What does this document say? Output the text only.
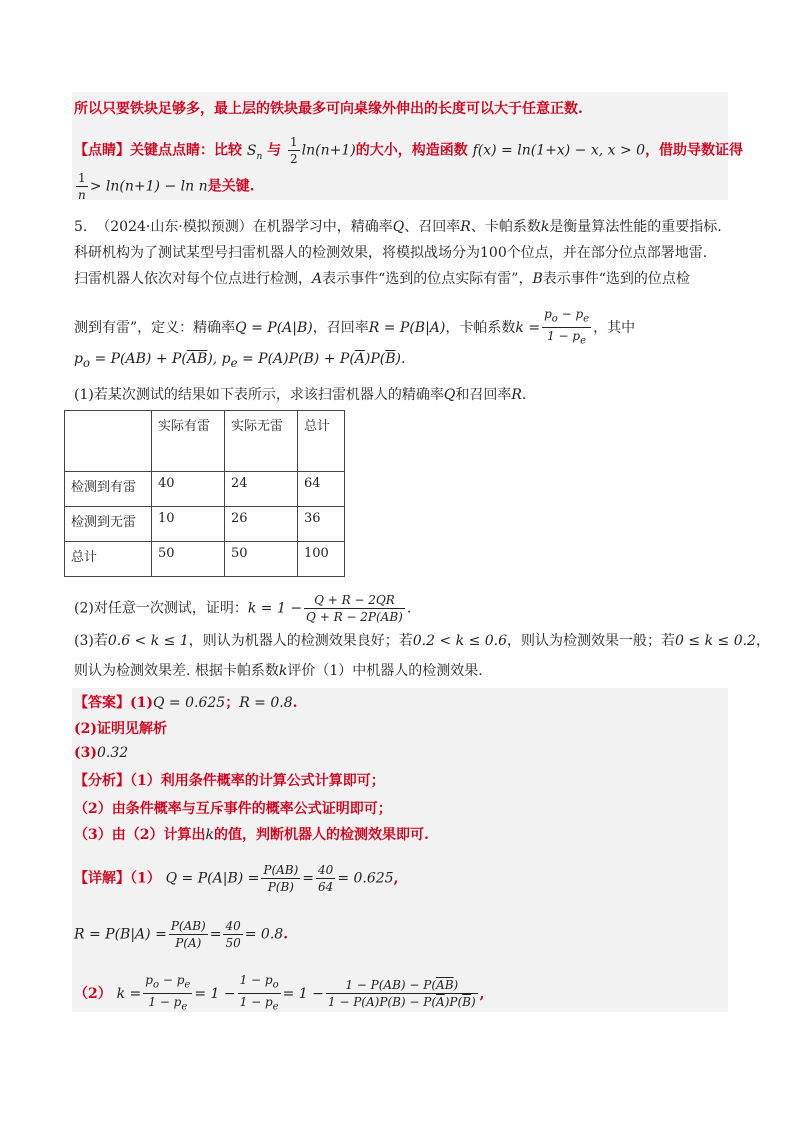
所以只要铁块足够多，最上层的铁块最多可向桌缘外伸出的长度可以大于任意正数.
【点睛】关键点点睛：比较 $S_n$ 与 $\frac{1}{2} \ln(n+1)$的大小，构造函数 f(x) = ln(1+x) − x, x > 0，借助导数证得
$\frac{1}{n} > \ln(n+1) - \ln n$是关键.
5. （2024·山东·模拟预测）在机器学习中，精确率Q、召回率R、卡帕系数k是衡量算法性能的重要指标.
科研机构为了测试某型号扫雷机器人的检测效果，将模拟战场分为100个位点，并在部分位点部署地雷.
扫雷机器人依次对每个位点进行检测，A表示事件“选到的位点实际有雷”，B表示事件“选到的位点检
测到有雷”，定义：精确率Q = P(A|B)，召回率R = P(B|A)，卡帕系数$k = \frac{p_o - p_e}{1 - p_e}$ ，其中
$p_o = P(AB) + P(\overline{A}\overline{B})$, $p_e = P(A)P(B) + P(\overline{A})P(\overline{B})$.
(1)若某次测试的结果如下表所示，求该扫雷机器人的精确率Q和召回率R.
	实际有雷	实际无雷	总计
检测到有雷	40	24	64
检测到无雷	10	26	36
总计	50	50	100
(2)对任意一次测试，证明：$k = 1 - \frac{Q + R - 2QR}{Q + R - 2P(AB)}$ .
(3)若0.6 < k ≤ 1，则认为机器人的检测效果良好；若0.2 < k ≤ 0.6，则认为检测效果一般；若0 ≤ k ≤ 0.2，
则认为检测效果差. 根据卡帕系数k评价（1）中机器人的检测效果.
【答案】(1)Q = 0.625；R = 0.8.
(2)证明见解析
(3)0.32
【分析】（1）利用条件概率的计算公式计算即可；
（2）由条件概率与互斥事件的概率公式证明即可；
（3）由（2）计算出k的值，判断机器人的检测效果即可.
【详解】（1） $Q = P(A|B) = \frac{P(AB)}{P(B)} = \frac{40}{64} = 0.625$,
$R = P(B|A) = \frac{P(AB)}{P(A)} = \frac{40}{50} = 0.8$.
（2） $k = \frac{p_o - p_e}{1 - p_e} = 1 - \frac{1 - p_o}{1 - p_e} = 1 - \frac{1 - P(AB) - P(\overline{A}\overline{B})}{1 - P(A)P(B) - P(\overline{A})P(\overline{B})}$ ,
